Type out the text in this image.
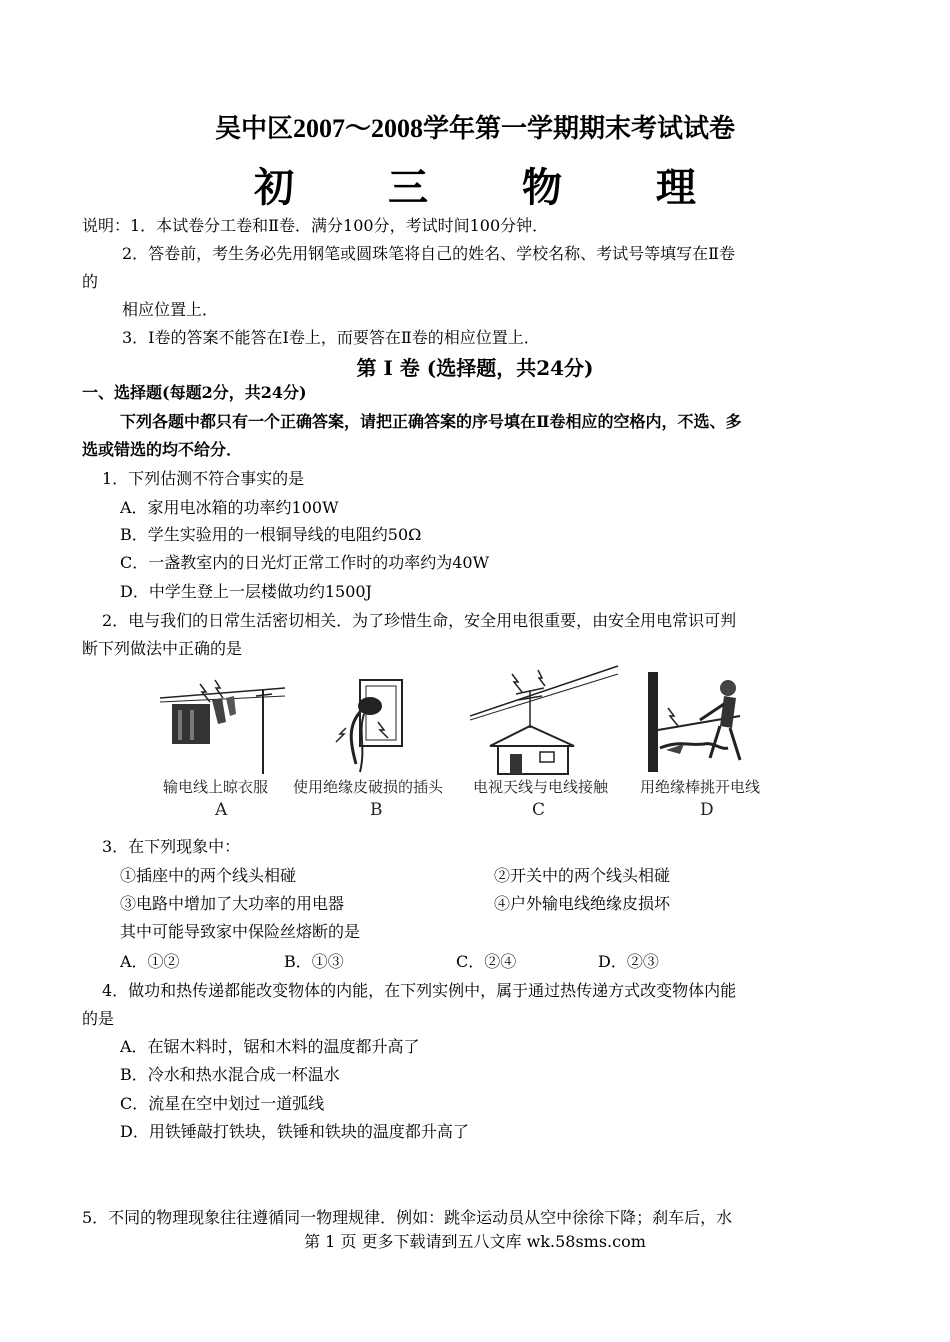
吴中区2007～2008学年第一学期期末考试试卷
初 三 物 理
说明：1．本试卷分工卷和Ⅱ卷．满分100分，考试时间100分钟．
2．答卷前，考生务必先用钢笔或圆珠笔将自己的姓名、学校名称、考试号等填写在Ⅱ卷
的
相应位置上．
3．I卷的答案不能答在I卷上，而要答在Ⅱ卷的相应位置上．
第 Ⅰ 卷 (选择题，共24分)
一、选择题(每题2分，共24分)
下列各题中都只有一个正确答案，请把正确答案的序号填在Ⅱ卷相应的空格内，不选、多
选或错选的均不给分．
1．下列估测不符合事实的是
A．家用电冰箱的功率约100W
B．学生实验用的一根铜导线的电阻约50Ω
C．一盏教室内的日光灯正常工作时的功率约为40W
D．中学生登上一层楼做功约1500J
2．电与我们的日常生活密切相关．为了珍惜生命，安全用电很重要，由安全用电常识可判
断下列做法中正确的是
输电线上晾衣服 使用绝缘皮破损的插头 电视天线与电线接触 用绝缘棒挑开电线
A	B	C	D
3．在下列现象中：
①插座中的两个线头相碰	②开关中的两个线头相碰
③电路中增加了大功率的用电器	④户外输电线绝缘皮损坏
其中可能导致家中保险丝熔断的是
A．①②	B．①③	C．②④	D．②③
4．做功和热传递都能改变物体的内能，在下列实例中，属于通过热传递方式改变物体内能
的是
A．在锯木料时，锯和木料的温度都升高了
B．冷水和热水混合成一杯温水
C．流星在空中划过一道弧线
D．用铁锤敲打铁块，铁锤和铁块的温度都升高了
5．不同的物理现象往往遵循同一物理规律．例如：跳伞运动员从空中徐徐下降；刹车后，水
第 1 页 更多下载请到五八文库 wk.58sms.com
